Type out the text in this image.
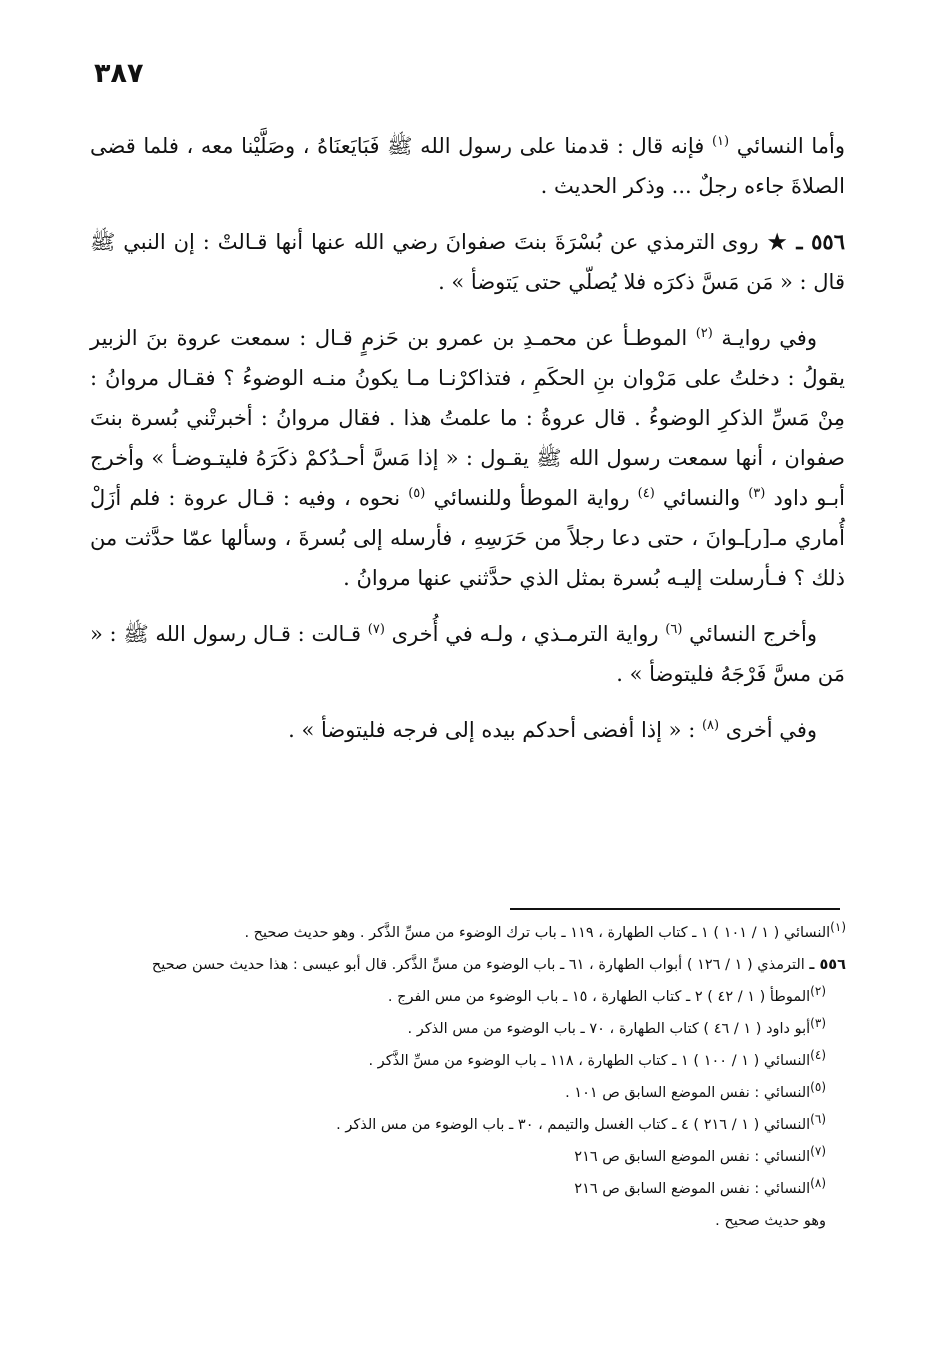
٣٨٧

وأما النسائي $^{(١)}$ فإنه قال : قدمنا على رسول الله ﷺ فَبَايَعنَاهُ ، وصَلَّيْنا معه ، فلما قضى الصلاةَ جاءه رجلٌ ... وذكر الحديث .

٥٥٦ ـ ★ روى الترمذي عن بُسْرَةَ بنتَ صفوانَ رضي الله عنها أنها قـالتْ : إن النبي ﷺ قال : « مَن مَسَّ ذكرَه فلا يُصلّي حتى يَتوضأ » .

وفي روايـة $^{(٢)}$ الموطـأ عن محمـدِ بن عمرو بن حَزمٍ قـال : سمعت عروة بنَ الزبير يقولُ : دخلتُ على مَرْوان بنِ الحكَمِ ، فتذاكرْنـا مـا يكونُ منـه الوضوءُ ؟ فقـال مروانُ : مِنْ مَسِّ الذكرِ الوضوءُ . قال عروةُ : ما علمتُ هذا . فقال مروانُ : أخبرتْني بُسرة بنتَ صفوان ، أنها سمعت رسول الله ﷺ يقـول : « إذا مَسَّ أحـدُكمْ ذكَرَهُ فليتـوضـأ » وأخرج أبـو داود $^{(٣)}$ والنسائي $^{(٤)}$ رواية الموطأ وللنسائي $^{(٥)}$ نحوه ، وفيه : قـال عروة : فلم أزَلْ أُماري مـ[ر]ـوانَ ، حتى دعا رجلاً من حَرَسِهِ ، فأرسله إلى بُسرةَ ، وسألها عمّا حدَّثت من ذلك ؟ فـأرسلت إليـه بُسرة بمثل الذي حدَّثني عنها مروانُ .

وأخرج النسائي $^{(٦)}$ رواية الترمـذي ، ولـه في أُخرى $^{(٧)}$ قـالت : قـال رسول الله ﷺ : « مَن مسَّ فَرْجَهُ فليتوضأ » .

وفي أخرى $^{(٨)}$ : « إذا أفضى أحدكم بيده إلى فرجه فليتوضأ » .

$^{(١)}$النسائي ( ١ / ١٠١ ) ١ ـ كتاب الطهارة ، ١١٩ ـ باب ترك الوضوء من مسِّ الذَّكر . وهو حديث صحيح .

٥٥٦ ـ الترمذي ( ١ / ١٢٦ ) أبواب الطهارة ، ٦١ ـ باب الوضوء من مسِّ الذَّكر. قال أبو عيسى : هذا حديث حسن صحيح

$^{(٢)}$الموطأ ( ١ / ٤٢ ) ٢ ـ كتاب الطهارة ، ١٥ ـ باب الوضوء من مس الفرج .

$^{(٣)}$أبو داود ( ١ / ٤٦ ) كتاب الطهارة ، ٧٠ ـ باب الوضوء من مس الذكر .

$^{(٤)}$النسائي ( ١ / ١٠٠ ) ١ ـ كتاب الطهارة ، ١١٨ ـ باب الوضوء من مسِّ الذَّكر .

$^{(٥)}$النسائي : نفس الموضع السابق ص ١٠١ .

$^{(٦)}$النسائي ( ١ / ٢١٦ ) ٤ ـ كتاب الغسل والتيمم ، ٣٠ ـ باب الوضوء من مس الذكر .

$^{(٧)}$النسائي : نفس الموضع السابق ص ٢١٦

$^{(٨)}$النسائي : نفس الموضع السابق ص ٢١٦

وهو حديث صحيح .
